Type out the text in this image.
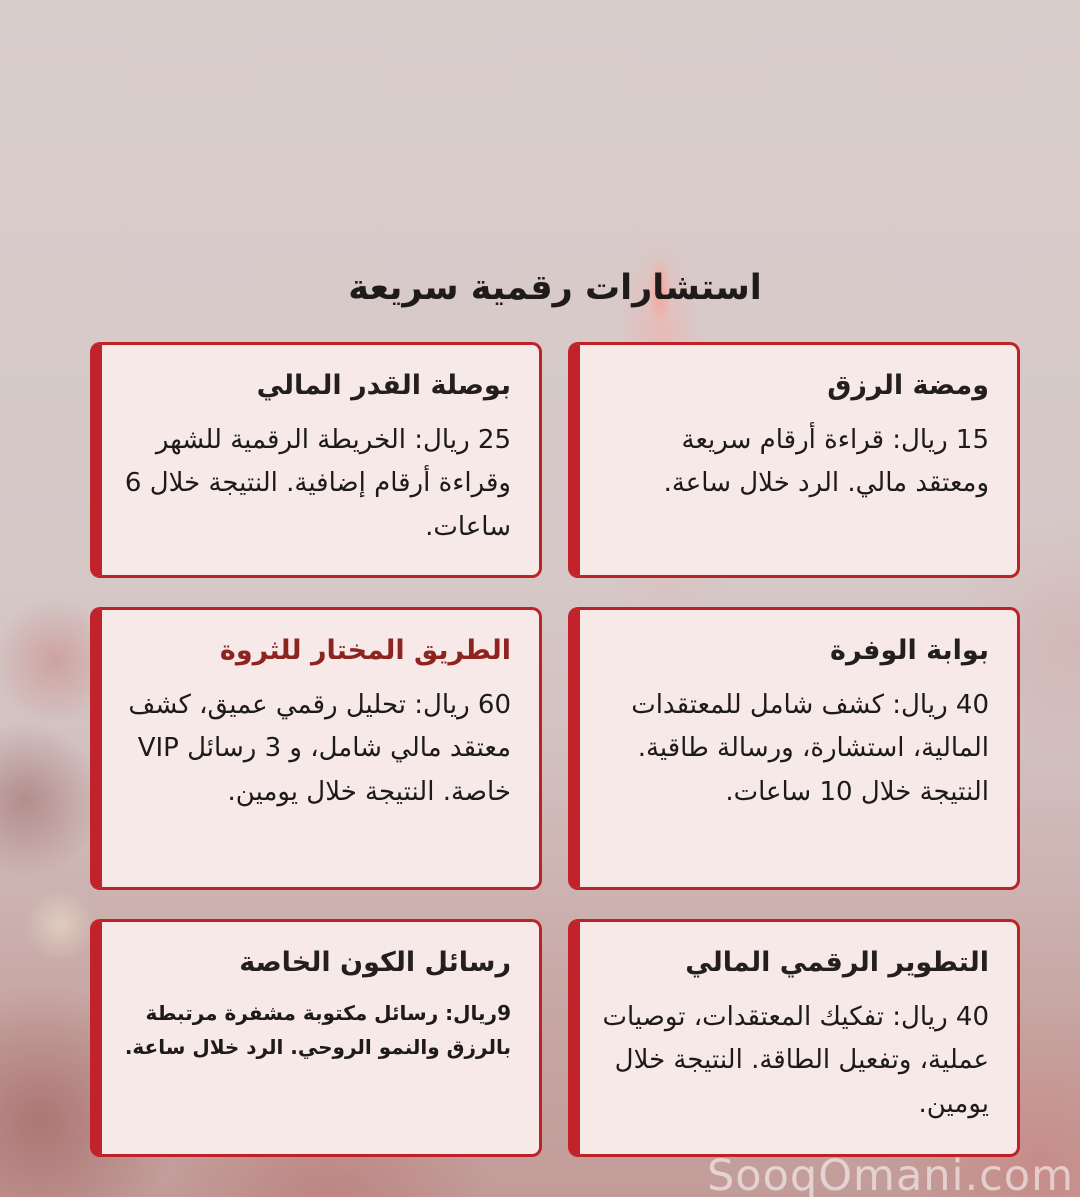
استشارات رقمية سريعة
ومضة الرزق

15 ريال: قراءة أرقام سريعة ومعتقد مالي. الرد خلال ساعة.

بوصلة القدر المالي

25 ريال: الخريطة الرقمية للشهر وقراءة أرقام إضافية. النتيجة خلال 6 ساعات.

بوابة الوفرة

40 ريال: كشف شامل للمعتقدات المالية، استشارة، ورسالة طاقية. النتيجة خلال 10 ساعات.

الطريق المختار للثروة

60 ريال: تحليل رقمي عميق، كشف معتقد مالي شامل، و 3 رسائل VIP خاصة. النتيجة خلال يومين.

التطوير الرقمي المالي

40 ريال: تفكيك المعتقدات، توصيات عملية، وتفعيل الطاقة. النتيجة خلال يومين.

رسائل الكون الخاصة

9ريال: رسائل مكتوبة مشفرة مرتبطة بالرزق والنمو الروحي. الرد خلال ساعة.

SooqOmani.com
